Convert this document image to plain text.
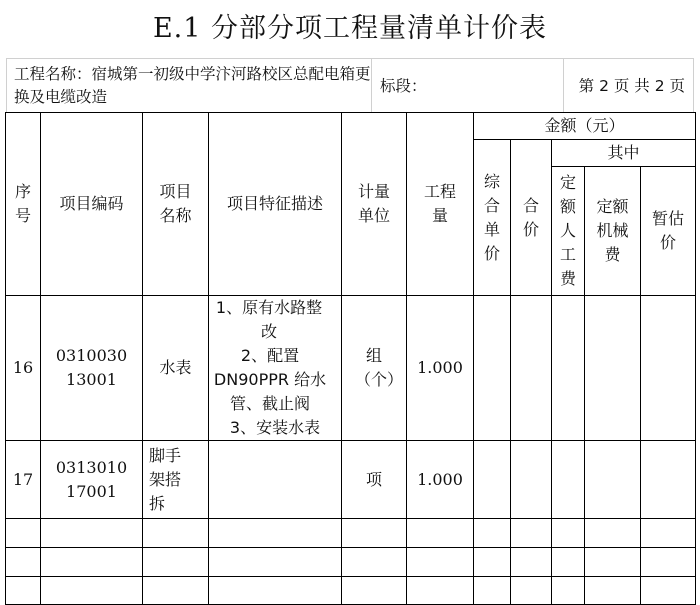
E.1 分部分项工程量清单计价表
工程名称：宿城第一初级中学汴河路校区总配电箱更换及电缆改造
标段：	第 2 页 共 2 页
序号	项目编码	项目名称	项目特征描述	计量单位	工程量	金额（元）				

						综合单价	合价	其中		

								定额人工费	定额机械费	暂估价

16	031003013001	水表	1、原有水路整改
2、配置 DN90PPR 给水管、截止阀
3、安装水表	组（个）	1.000					
17	031301017001	脚手架搭拆		项	1.000					
